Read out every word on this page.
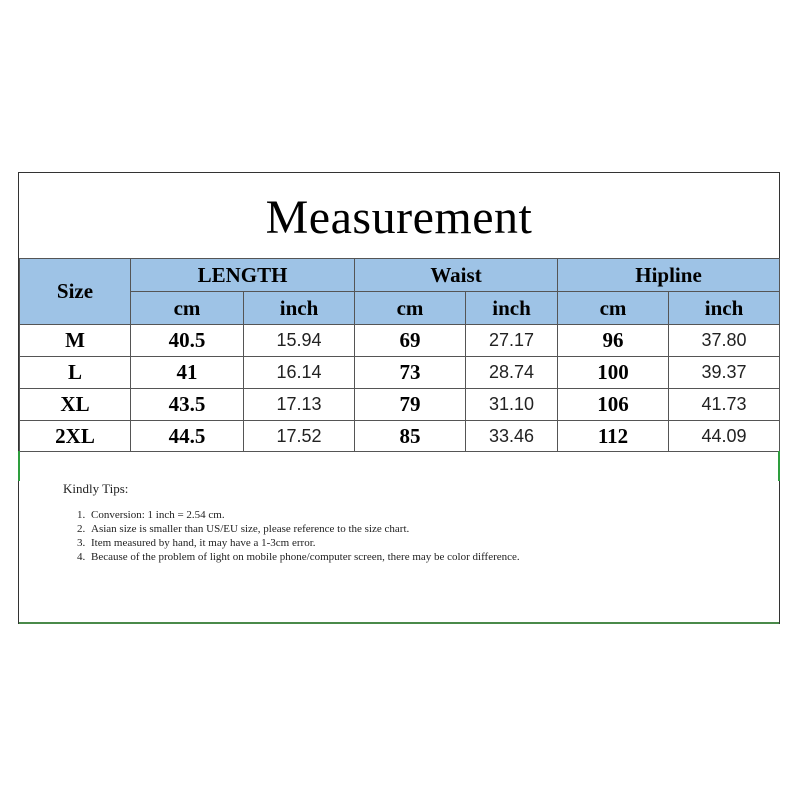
Measurement
Size	LENGTH		Waist		Hipline	
	cm	inch	cm	inch	cm	inch
M	40.5	15.94	69	27.17	96	37.80
L	41	16.14	73	28.74	100	39.37
XL	43.5	17.13	79	31.10	106	41.73
2XL	44.5	17.52	85	33.46	112	44.09
Kindly Tips:
1. Conversion: 1 inch = 2.54 cm.
2. Asian size is smaller than US/EU size, please reference to the size chart.
3. Item measured by hand, it may have a 1-3cm error.
4. Because of the problem of light on mobile phone/computer screen, there may be color difference.
